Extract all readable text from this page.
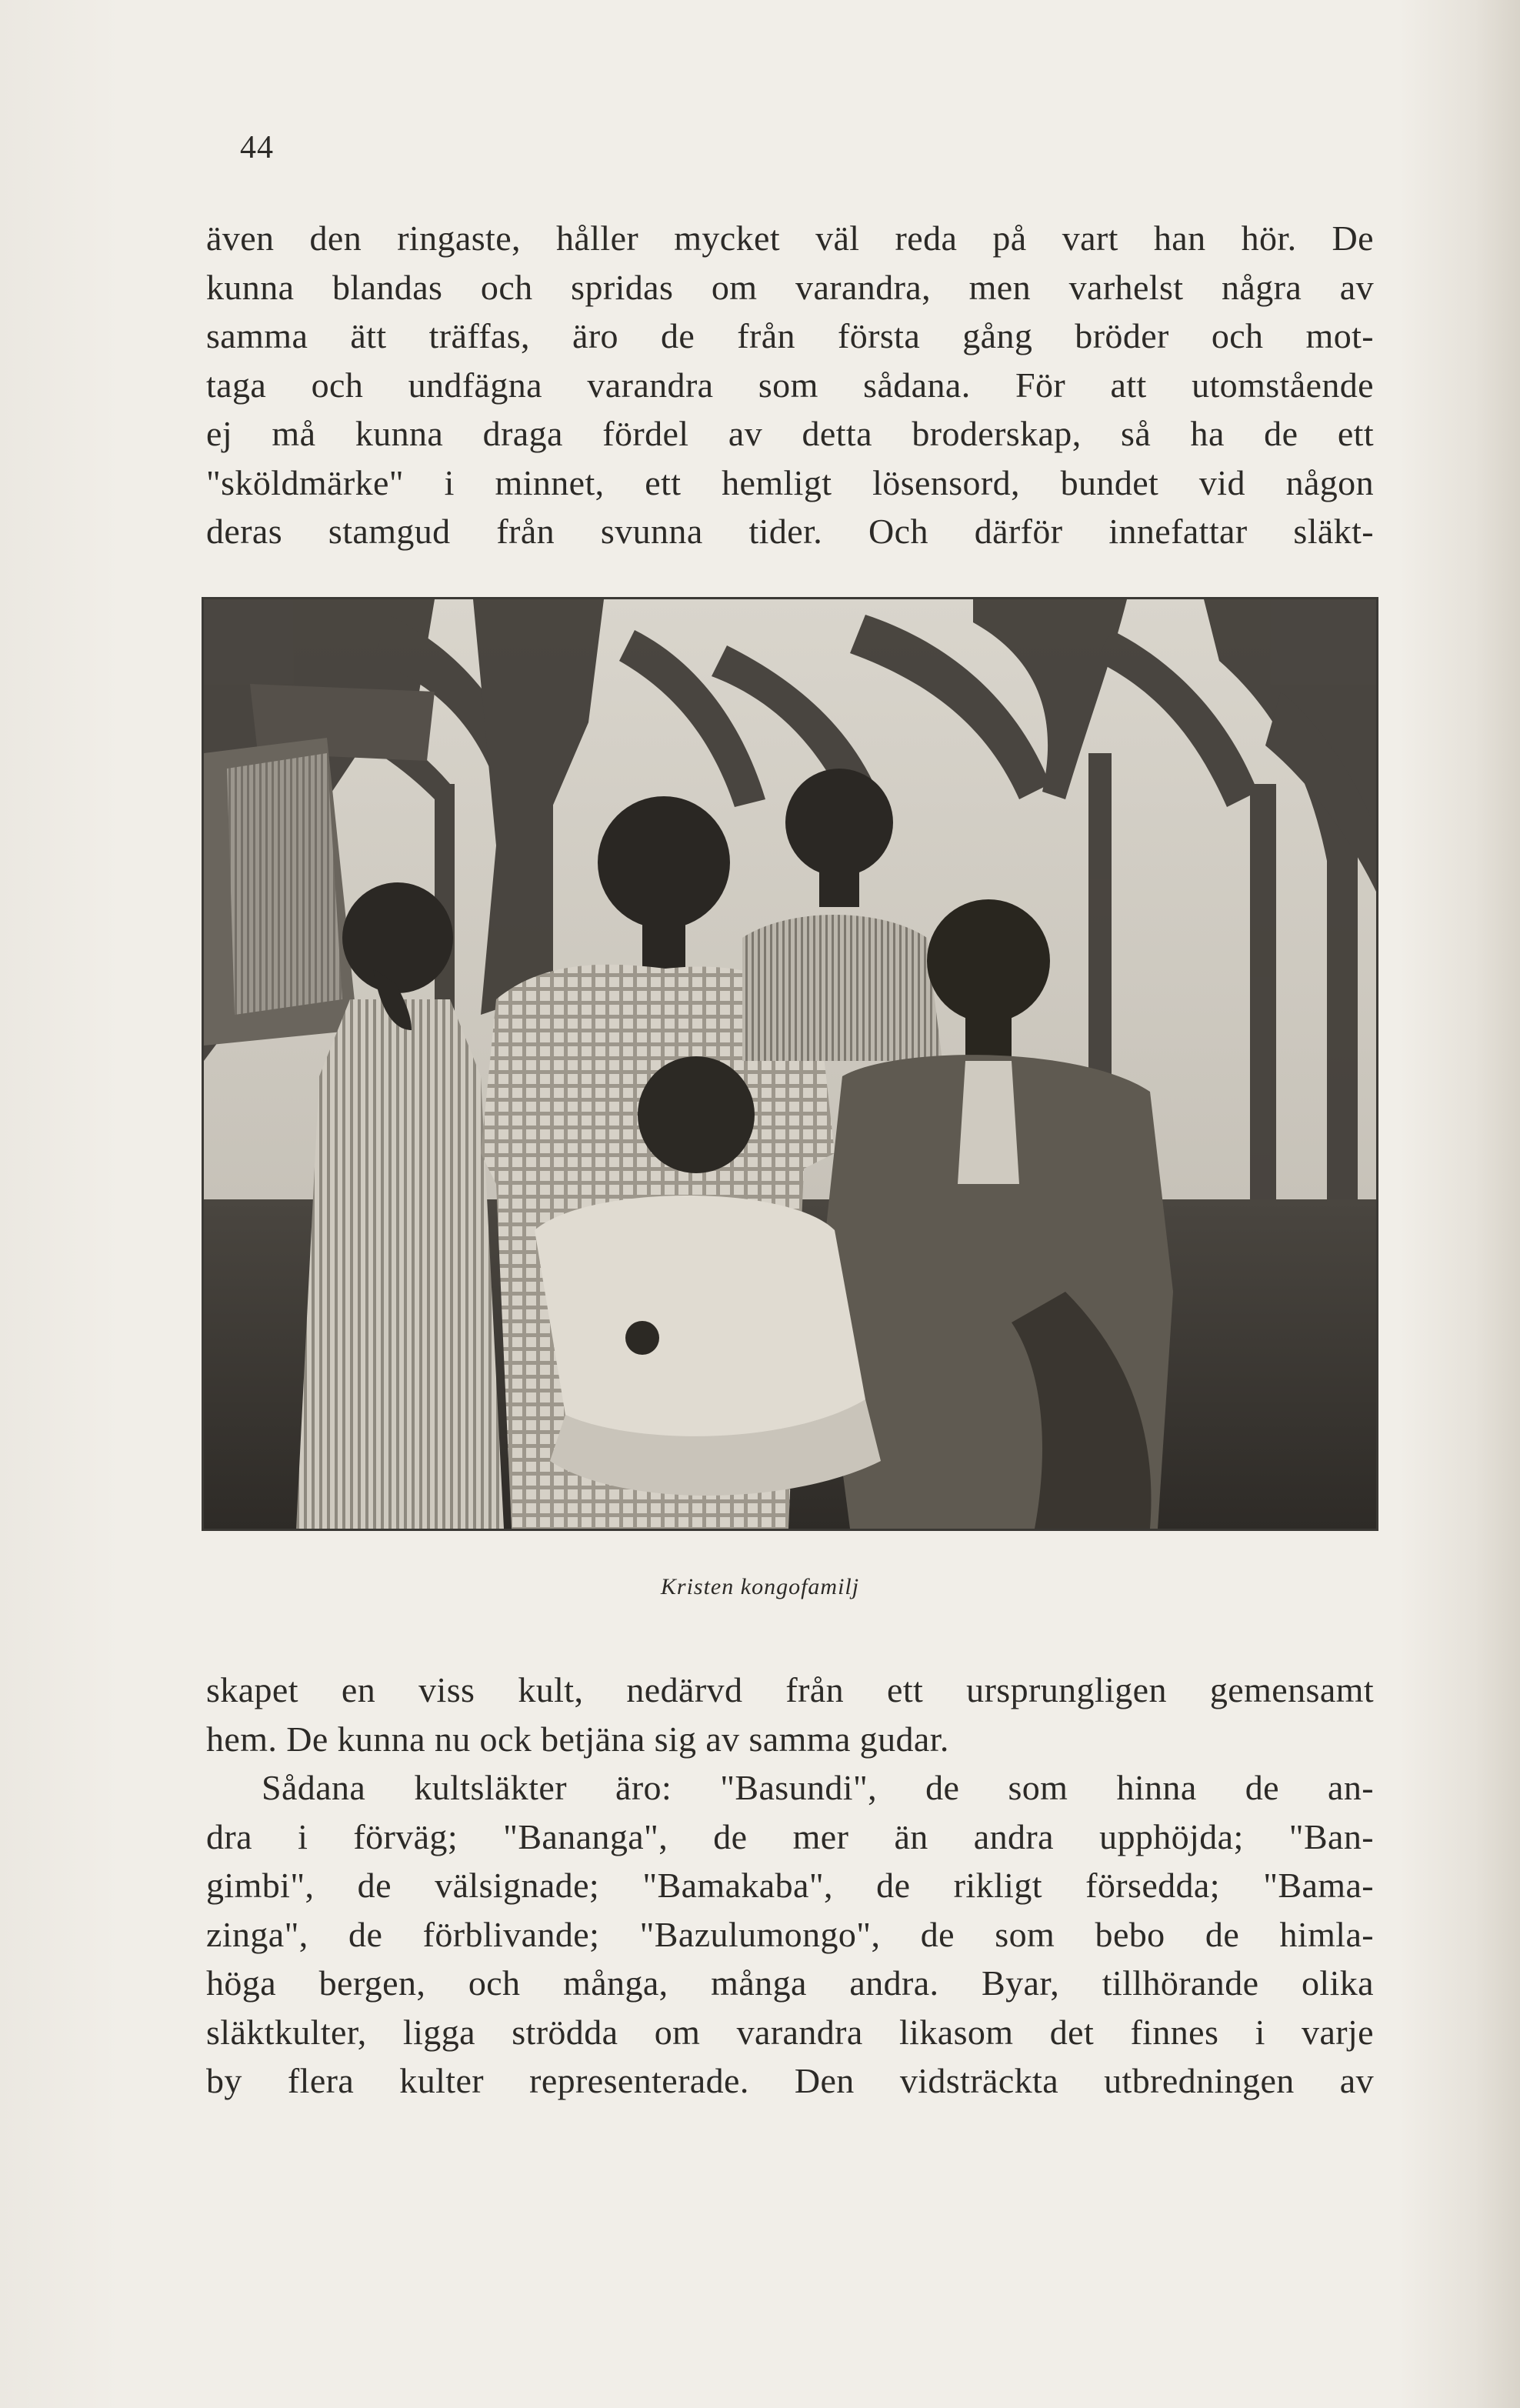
44
även den ringaste, håller mycket väl reda på vart han hör. De
kunna blandas och spridas om varandra, men varhelst några av
samma ätt träffas, äro de från första gång bröder och mot-
taga och undfägna varandra som sådana. För att utomstående
ej må kunna draga fördel av detta broderskap, så ha de ett
"sköldmärke" i minnet, ett hemligt lösensord, bundet vid någon
deras stamgud från svunna tider. Och därför innefattar släkt-
Kristen kongofamilj
skapet en viss kult, nedärvd från ett ursprungligen gemensamt
hem. De kunna nu ock betjäna sig av samma gudar.
Sådana kultsläkter äro: "Basundi", de som hinna de an-
dra i förväg; "Bananga", de mer än andra upphöjda; "Ban-
gimbi", de välsignade; "Bamakaba", de rikligt försedda; "Bama-
zinga", de förblivande; "Bazulumongo", de som bebo de himla-
höga bergen, och många, många andra. Byar, tillhörande olika
släktkulter, ligga strödda om varandra likasom det finnes i varje
by flera kulter representerade. Den vidsträckta utbredningen av
